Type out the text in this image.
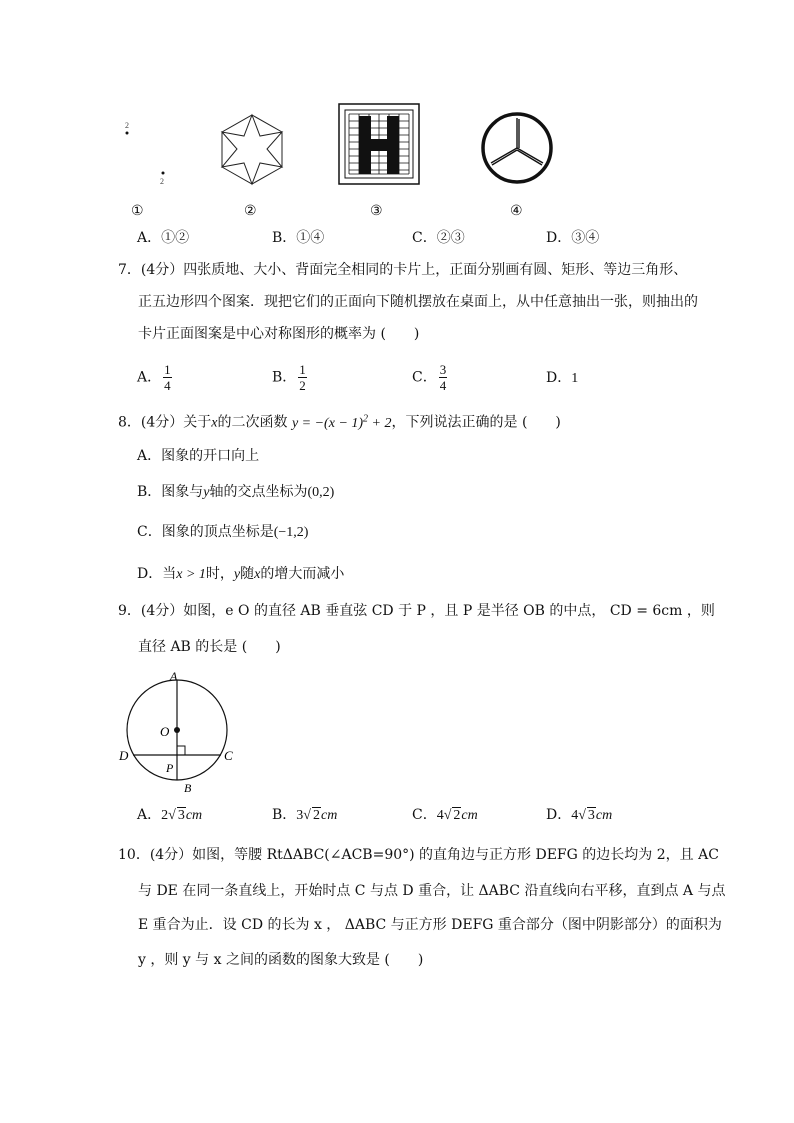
2
2
①	②	③	④
A．①②	B．①④	C．②③	D．③④
7．(4分）四张质地、大小、背面完全相同的卡片上，正面分别画有圆、矩形、等边三角形、
正五边形四个图案．现把它们的正面向下随机摆放在桌面上，从中任意抽出一张，则抽出的
卡片正面图案是中心对称图形的概率为 (　　)
A． $\frac{1}{4}$	B． $\frac{1}{2}$	C． $\frac{3}{4}$	D．1
8．(4分）关于x的二次函数 $y = -(x - 1)^2 + 2$，下列说法正确的是 (　　)
A．图象的开口向上
B．图象与y轴的交点坐标为(0,2)
C．图象的顶点坐标是(−1,2)
D．当x > 1时，y随x的增大而减小
9．(4分）如图，e O 的直径 AB 垂直弦 CD 于 P ，且 P 是半径 OB 的中点， CD = 6cm ，则
直径 AB 的长是 (　　)
A
O
D	C
P
B
A．2√ 3cm	B．3√ 2cm	C．4√ 2cm	D．4√ 3cm
10．(4分）如图，等腰 RtΔABC(∠ACB=90°) 的直角边与正方形 DEFG 的边长均为 2，且 AC
与 DE 在同一条直线上，开始时点 C 与点 D 重合，让 ΔABC 沿直线向右平移，直到点 A 与点
E 重合为止．设 CD 的长为 x ， ΔABC 与正方形 DEFG 重合部分（图中阴影部分）的面积为
y ，则 y 与 x 之间的函数的图象大致是 (　　)
